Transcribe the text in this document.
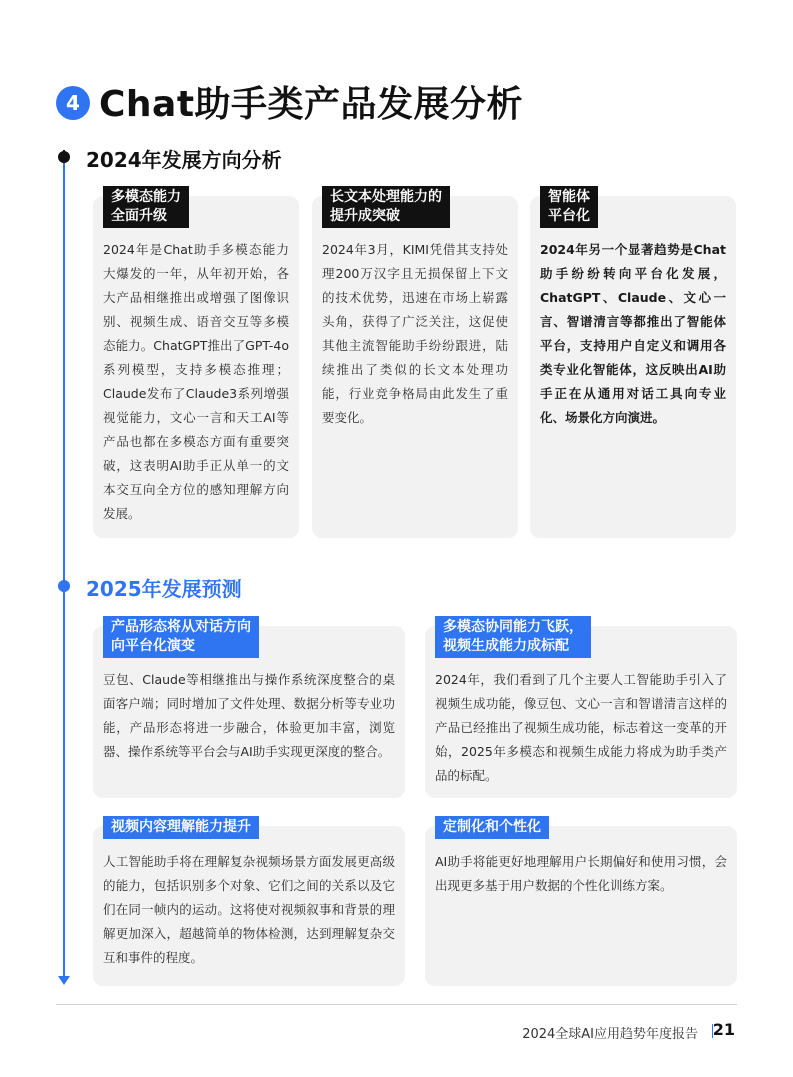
4 Chat助手类产品发展分析
2024年发展方向分析
多模态能力
全面升级
2024年是Chat助手多模态能力大爆发的一年，从年初开始，各大产品相继推出或增强了图像识别、视频生成、语音交互等多模态能力。ChatGPT推出了GPT-4o系列模型，支持多模态推理；Claude发布了Claude3系列增强视觉能力，文心一言和天工AI等产品也都在多模态方面有重要突破，这表明AI助手正从单一的文本交互向全方位的感知理解方向发展。
长文本处理能力的
提升成突破
2024年3月，KIMI凭借其支持处理200万汉字且无损保留上下文的技术优势，迅速在市场上崭露头角，获得了广泛关注，这促使其他主流智能助手纷纷跟进，陆续推出了类似的长文本处理功能，行业竞争格局由此发生了重要变化。
智能体
平台化
2024年另一个显著趋势是Chat助手纷纷转向平台化发展，ChatGPT、Claude、文心一言、智谱清言等都推出了智能体平台，支持用户自定义和调用各类专业化智能体，这反映出AI助手正在从通用对话工具向专业化、场景化方向演进。
2025年发展预测
产品形态将从对话方向
向平台化演变
豆包、Claude等相继推出与操作系统深度整合的桌面客户端；同时增加了文件处理、数据分析等专业功能，产品形态将进一步融合，体验更加丰富，浏览器、操作系统等平台会与AI助手实现更深度的整合。
多模态协同能力飞跃，
视频生成能力成标配
2024年，我们看到了几个主要人工智能助手引入了视频生成功能，像豆包、文心一言和智谱清言这样的产品已经推出了视频生成功能，标志着这一变革的开始，2025年多模态和视频生成能力将成为助手类产品的标配。
视频内容理解能力提升
人工智能助手将在理解复杂视频场景方面发展更高级的能力，包括识别多个对象、它们之间的关系以及它们在同一帧内的运动。这将使对视频叙事和背景的理解更加深入，超越简单的物体检测，达到理解复杂交互和事件的程度。
定制化和个性化
AI助手将能更好地理解用户长期偏好和使用习惯，会出现更多基于用户数据的个性化训练方案。
2024全球AI应用趋势年度报告 21
